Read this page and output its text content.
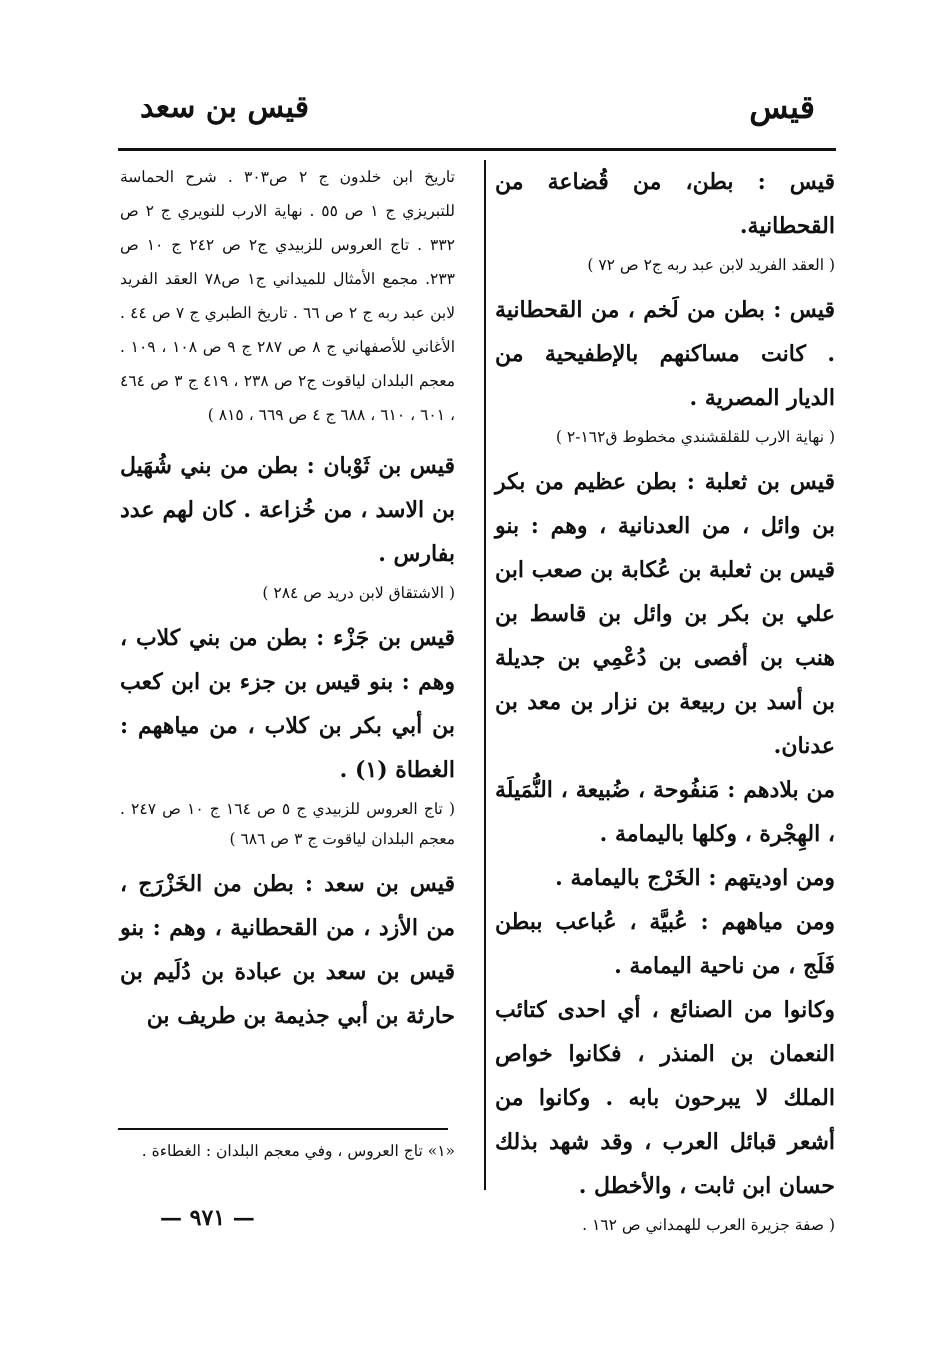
قيس

قيس بن سعد

قيس : بطن، من قُضاعة من القحطانية.

( العقد الفريد لابن عبد ربه ج٢ ص ٧٢ )

قيس : بطن من لَخم ، من القحطانية . كانت مساكنهم بالإطفيحية من الديار المصرية .

( نهاية الارب للقلقشندي مخطوط ق١٦٢-٢ )

قيس بن ثعلبة : بطن عظيم من بكر بن وائل ، من العدنانية ، وهم : بنو قيس بن ثعلبة بن عُكابة بن صعب ابن علي بن بكر بن وائل بن قاسط بن هنب بن أفصى بن دُعْمِي بن جديلة بن أسد بن ربيعة بن نزار بن معد بن عدنان.

من بلادهم : مَنفُوحة ، ضُبيعة ، النُّمَيلَة ، الهِجْرة ، وكلها باليمامة .

ومن اوديتهم : الخَرْج باليمامة .

ومن مياههم : عُبيَّة ، عُباعب ببطن فَلَج ، من ناحية اليمامة .

وكانوا من الصنائع ، أي احدى كتائب النعمان بن المنذر ، فكانوا خواص الملك لا يبرحون بابه . وكانوا من أشعر قبائل العرب ، وقد شهد بذلك حسان ابن ثابت ، والأخطل .

( صفة جزيرة العرب للهمداني ص ١٦٢ .

تاريخ ابن خلدون ج ٢ ص٣٠٣ . شرح الحماسة للتبريزي ج ١ ص ٥٥ . نهاية الارب للنويري ج ٢ ص ٣٣٢ . تاج العروس للزبيدي ج٢ ص ٢٤٢ ج ١٠ ص ٢٣٣. مجمع الأمثال للميداني ج١ ص٧٨ العقد الفريد لابن عبد ربه ج ٢ ص ٦٦ . تاريخ الطبري ج ٧ ص ٤٤ . الأغاني للأصفهاني ج ٨ ص ٢٨٧ ج ٩ ص ١٠٨ ، ١٠٩ . معجم البلدان لياقوت ج٢ ص ٢٣٨ ، ٤١٩ ج ٣ ص ٤٦٤ ، ٦٠١ ، ٦١٠ ، ٦٨٨ ج ٤ ص ٦٦٩ ، ٨١٥ )

قيس بن ثَوْبان : بطن من بني شُهَيل بن الاسد ، من خُزاعة . كان لهم عدد بفارس .

( الاشتقاق لابن دريد ص ٢٨٤ )

قيس بن جَزْء : بطن من بني كلاب ، وهم : بنو قيس بن جزء بن ابن كعب بن أبي بكر بن كلاب ، من مياههم : الغطاة (١) .

( تاج العروس للزبيدي ج ٥ ص ١٦٤ ج ١٠ ص ٢٤٧ . معجم البلدان لياقوت ج ٣ ص ٦٨٦ )

قيس بن سعد : بطن من الخَزْرَج ، من الأزد ، من القحطانية ، وهم : بنو قيس بن سعد بن عبادة بن دُلَيم بن حارثة بن أبي جذيمة بن طريف بن

«١» تاج العروس ، وفي معجم البلدان : الغطاءة .

— ٩٧١ —
